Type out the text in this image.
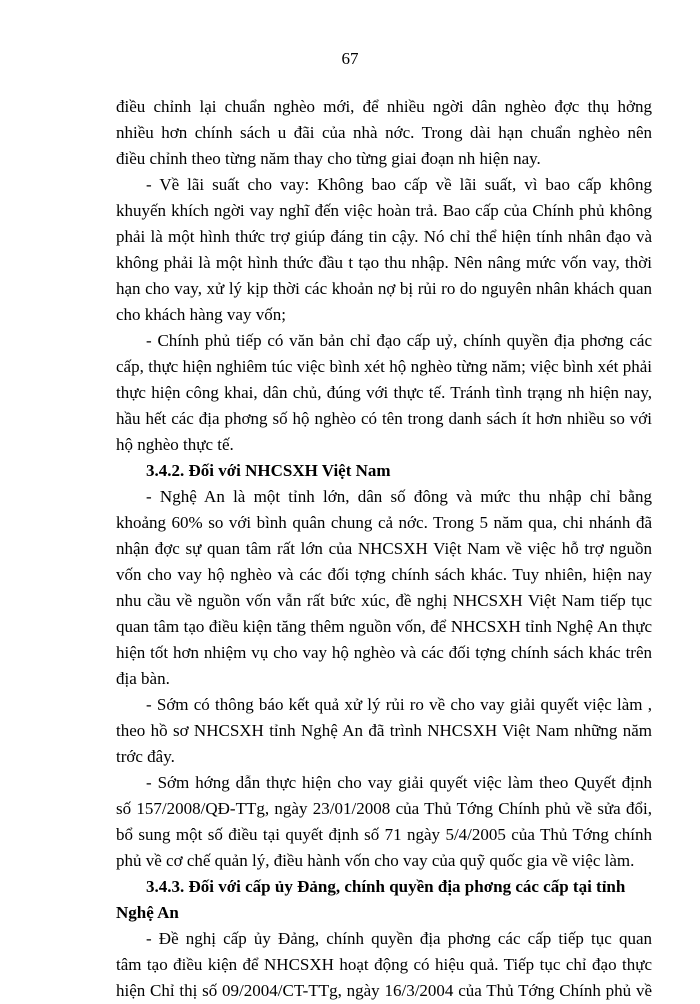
67
điều chỉnh lại chuẩn nghèo mới, để nhiều ngời dân nghèo đợc thụ hởng
nhiều hơn chính sách u đãi của nhà nớc. Trong dài hạn chuẩn nghèo nên
điều chỉnh theo từng năm thay cho từng giai đoạn nh hiện nay.
- Về lãi suất cho vay: Không bao cấp về lãi suất, vì bao cấp không
khuyến khích ngời vay nghĩ đến việc hoàn trả. Bao cấp của Chính phủ không
phải là một hình thức trợ giúp đáng tin cậy. Nó chỉ thể hiện tính nhân đạo và
không phải là một hình thức đầu t tạo thu nhập. Nên nâng mức vốn vay, thời
hạn cho vay, xử lý kịp thời các khoản nợ bị rủi ro do nguyên nhân khách quan
cho khách hàng vay vốn;
- Chính phủ tiếp có văn bản chỉ đạo cấp uỷ, chính quyền địa phơng các
cấp, thực hiện nghiêm túc việc bình xét hộ nghèo từng năm; việc bình xét phải
thực hiện công khai, dân chủ, đúng với thực tế. Tránh tình trạng nh hiện nay,
hầu hết các địa phơng số hộ nghèo có tên trong danh sách ít hơn nhiều so với
hộ nghèo thực tế.
3.4.2. Đối với NHCSXH Việt Nam
- Nghệ An là một tỉnh lớn, dân số đông và mức thu nhập chỉ bằng
khoảng 60% so với bình quân chung cả nớc. Trong 5 năm qua, chi nhánh đã
nhận đợc sự quan tâm rất lớn của NHCSXH Việt Nam về việc hỗ trợ nguồn
vốn cho vay hộ nghèo và các đối tợng chính sách khác. Tuy nhiên, hiện nay
nhu cầu về nguồn vốn vẫn rất bức xúc, đề nghị NHCSXH Việt Nam tiếp tục
quan tâm tạo điều kiện tăng thêm nguồn vốn, để NHCSXH tỉnh Nghệ An thực
hiện tốt hơn nhiệm vụ cho vay hộ nghèo và các đối tợng chính sách khác trên
địa bàn.
- Sớm có thông báo kết quả xử lý rủi ro về cho vay giải quyết việc làm ,
theo hồ sơ NHCSXH tỉnh Nghệ An đã trình NHCSXH Việt Nam những năm
trớc đây.
- Sớm hớng dẫn thực hiện cho vay giải quyết việc làm theo Quyết định
số 157/2008/QĐ-TTg, ngày 23/01/2008 của Thủ Tớng Chính phủ về sửa đổi,
bổ sung một số điều tại quyết định số 71 ngày 5/4/2005 của Thủ Tớng chính
phủ về cơ chế quản lý, điều hành vốn cho vay của quỹ quốc gia về việc làm.
3.4.3. Đối với cấp ủy Đảng, chính quyền địa phơng các cấp tại tỉnh
Nghệ An
- Đề nghị cấp ủy Đảng, chính quyền địa phơng các cấp tiếp tục quan
tâm tạo điều kiện để NHCSXH hoạt động có hiệu quả. Tiếp tục chỉ đạo thực
hiện Chỉ thị số 09/2004/CT-TTg, ngày 16/3/2004 của Thủ Tớng Chính phủ về
